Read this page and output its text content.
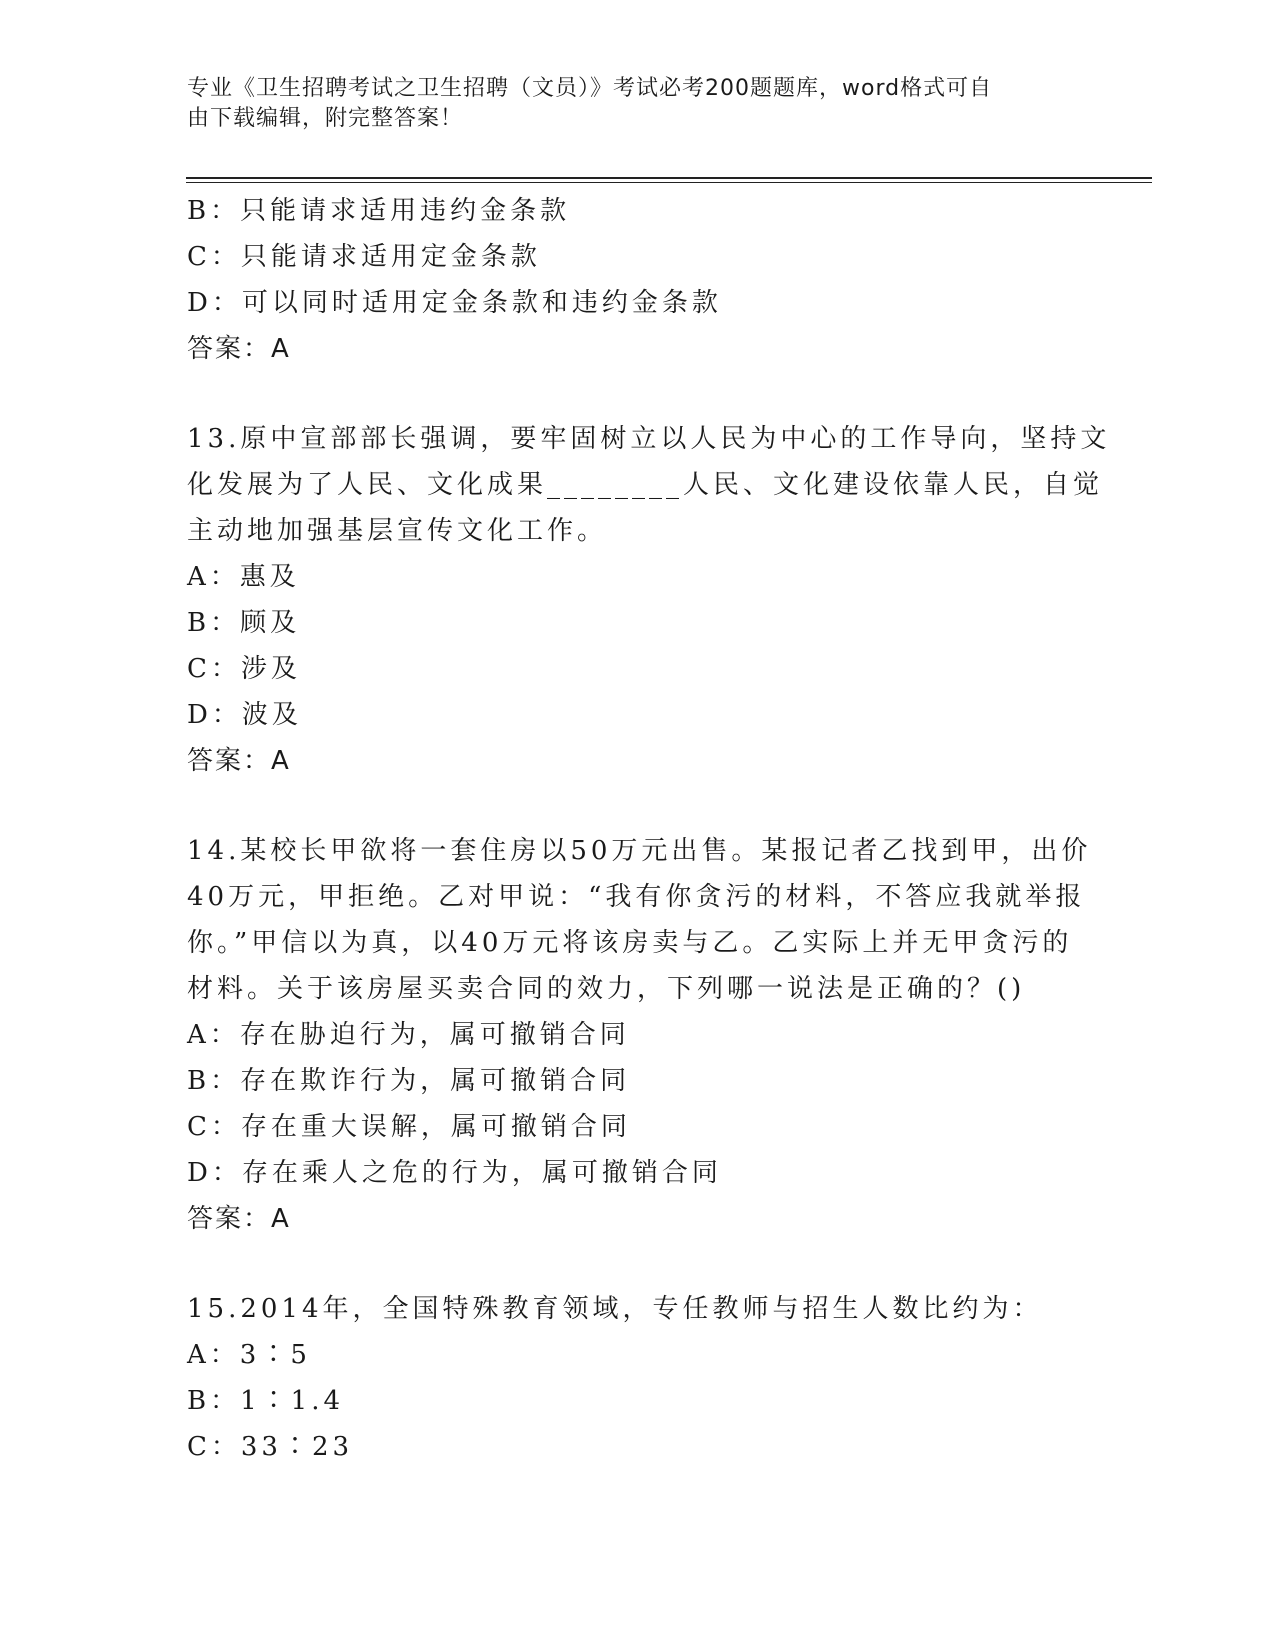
专业《卫生招聘考试之卫生招聘（文员）》考试必考200题题库，word格式可自
由下载编辑，附完整答案！
B：只能请求适用违约金条款
C：只能请求适用定金条款
D：可以同时适用定金条款和违约金条款
答案：A
13.原中宣部部长强调，要牢固树立以人民为中心的工作导向，坚持文
化发展为了人民、文化成果________人民、文化建设依靠人民，自觉
主动地加强基层宣传文化工作。
A：惠及
B：顾及
C：涉及
D：波及
答案：A
14.某校长甲欲将一套住房以50万元出售。某报记者乙找到甲，出价
40万元，甲拒绝。乙对甲说：“我有你贪污的材料，不答应我就举报
你。”甲信以为真，以40万元将该房卖与乙。乙实际上并无甲贪污的
材料。关于该房屋买卖合同的效力，下列哪一说法是正确的？()
A：存在胁迫行为，属可撤销合同
B：存在欺诈行为，属可撤销合同
C：存在重大误解，属可撤销合同
D：存在乘人之危的行为，属可撤销合同
答案：A
15.2014年，全国特殊教育领域，专任教师与招生人数比约为：
A：3∶5
B：1∶1.4
C：33∶23
